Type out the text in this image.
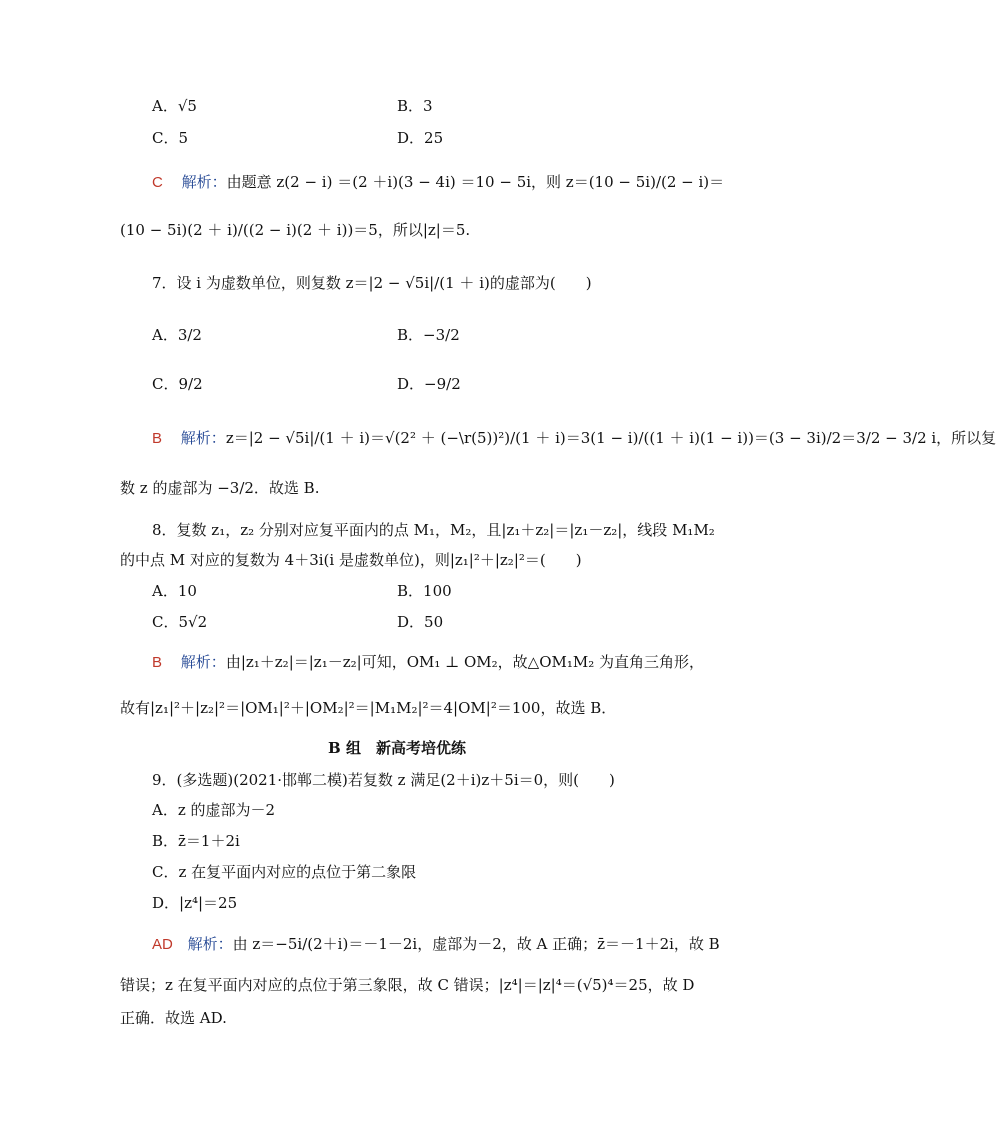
A．√5	B．3
C．5	D．25
C 解析：由题意 z(2 − i) ＝(2 ＋i)(3 − 4i) ＝10 − 5i，则 z＝(10 − 5i)/(2 − i)＝
(10 − 5i)(2 ＋ i)/((2 − i)(2 ＋ i))＝5，所以|z|＝5.
7．设 i 为虚数单位，则复数 z＝|2 − √5i|/(1 ＋ i)的虚部为(　　)
A．3/2	B．−3/2
C．9/2	D．−9/2
B 解析：z＝|2 − √5i|/(1 ＋ i)＝√(2² ＋ (−\r(5))²)/(1 ＋ i)＝3(1 − i)/((1 ＋ i)(1 − i))＝(3 − 3i)/2＝3/2 − 3/2 i，所以复
数 z 的虚部为 −3/2．故选 B.
8．复数 z₁，z₂ 分别对应复平面内的点 M₁，M₂，且|z₁＋z₂|＝|z₁－z₂|，线段 M₁M₂
的中点 M 对应的复数为 4＋3i(i 是虚数单位)，则|z₁|²＋|z₂|²＝(　　)
A．10	B．100
C．5√2	D．50
B 解析：由|z₁＋z₂|＝|z₁－z₂|可知，OM₁ ⊥ OM₂，故△OM₁M₂ 为直角三角形，
故有|z₁|²＋|z₂|²＝|OM₁|²＋|OM₂|²＝|M₁M₂|²＝4|OM|²＝100，故选 B．
B 组　新高考培优练
9．(多选题)(2021·邯郸二模)若复数 z 满足(2＋i)z＋5i＝0，则(　　)
A．z 的虚部为－2
B．z̄＝1＋2i
C．z 在复平面内对应的点位于第二象限
D．|z⁴|＝25
AD 解析：由 z＝−5i/(2＋i)＝－1－2i，虚部为－2，故 A 正确；z̄＝－1＋2i，故 B
错误；z 在复平面内对应的点位于第三象限，故 C 错误；|z⁴|＝|z|⁴＝(√5)⁴＝25，故 D
正确．故选 AD.
